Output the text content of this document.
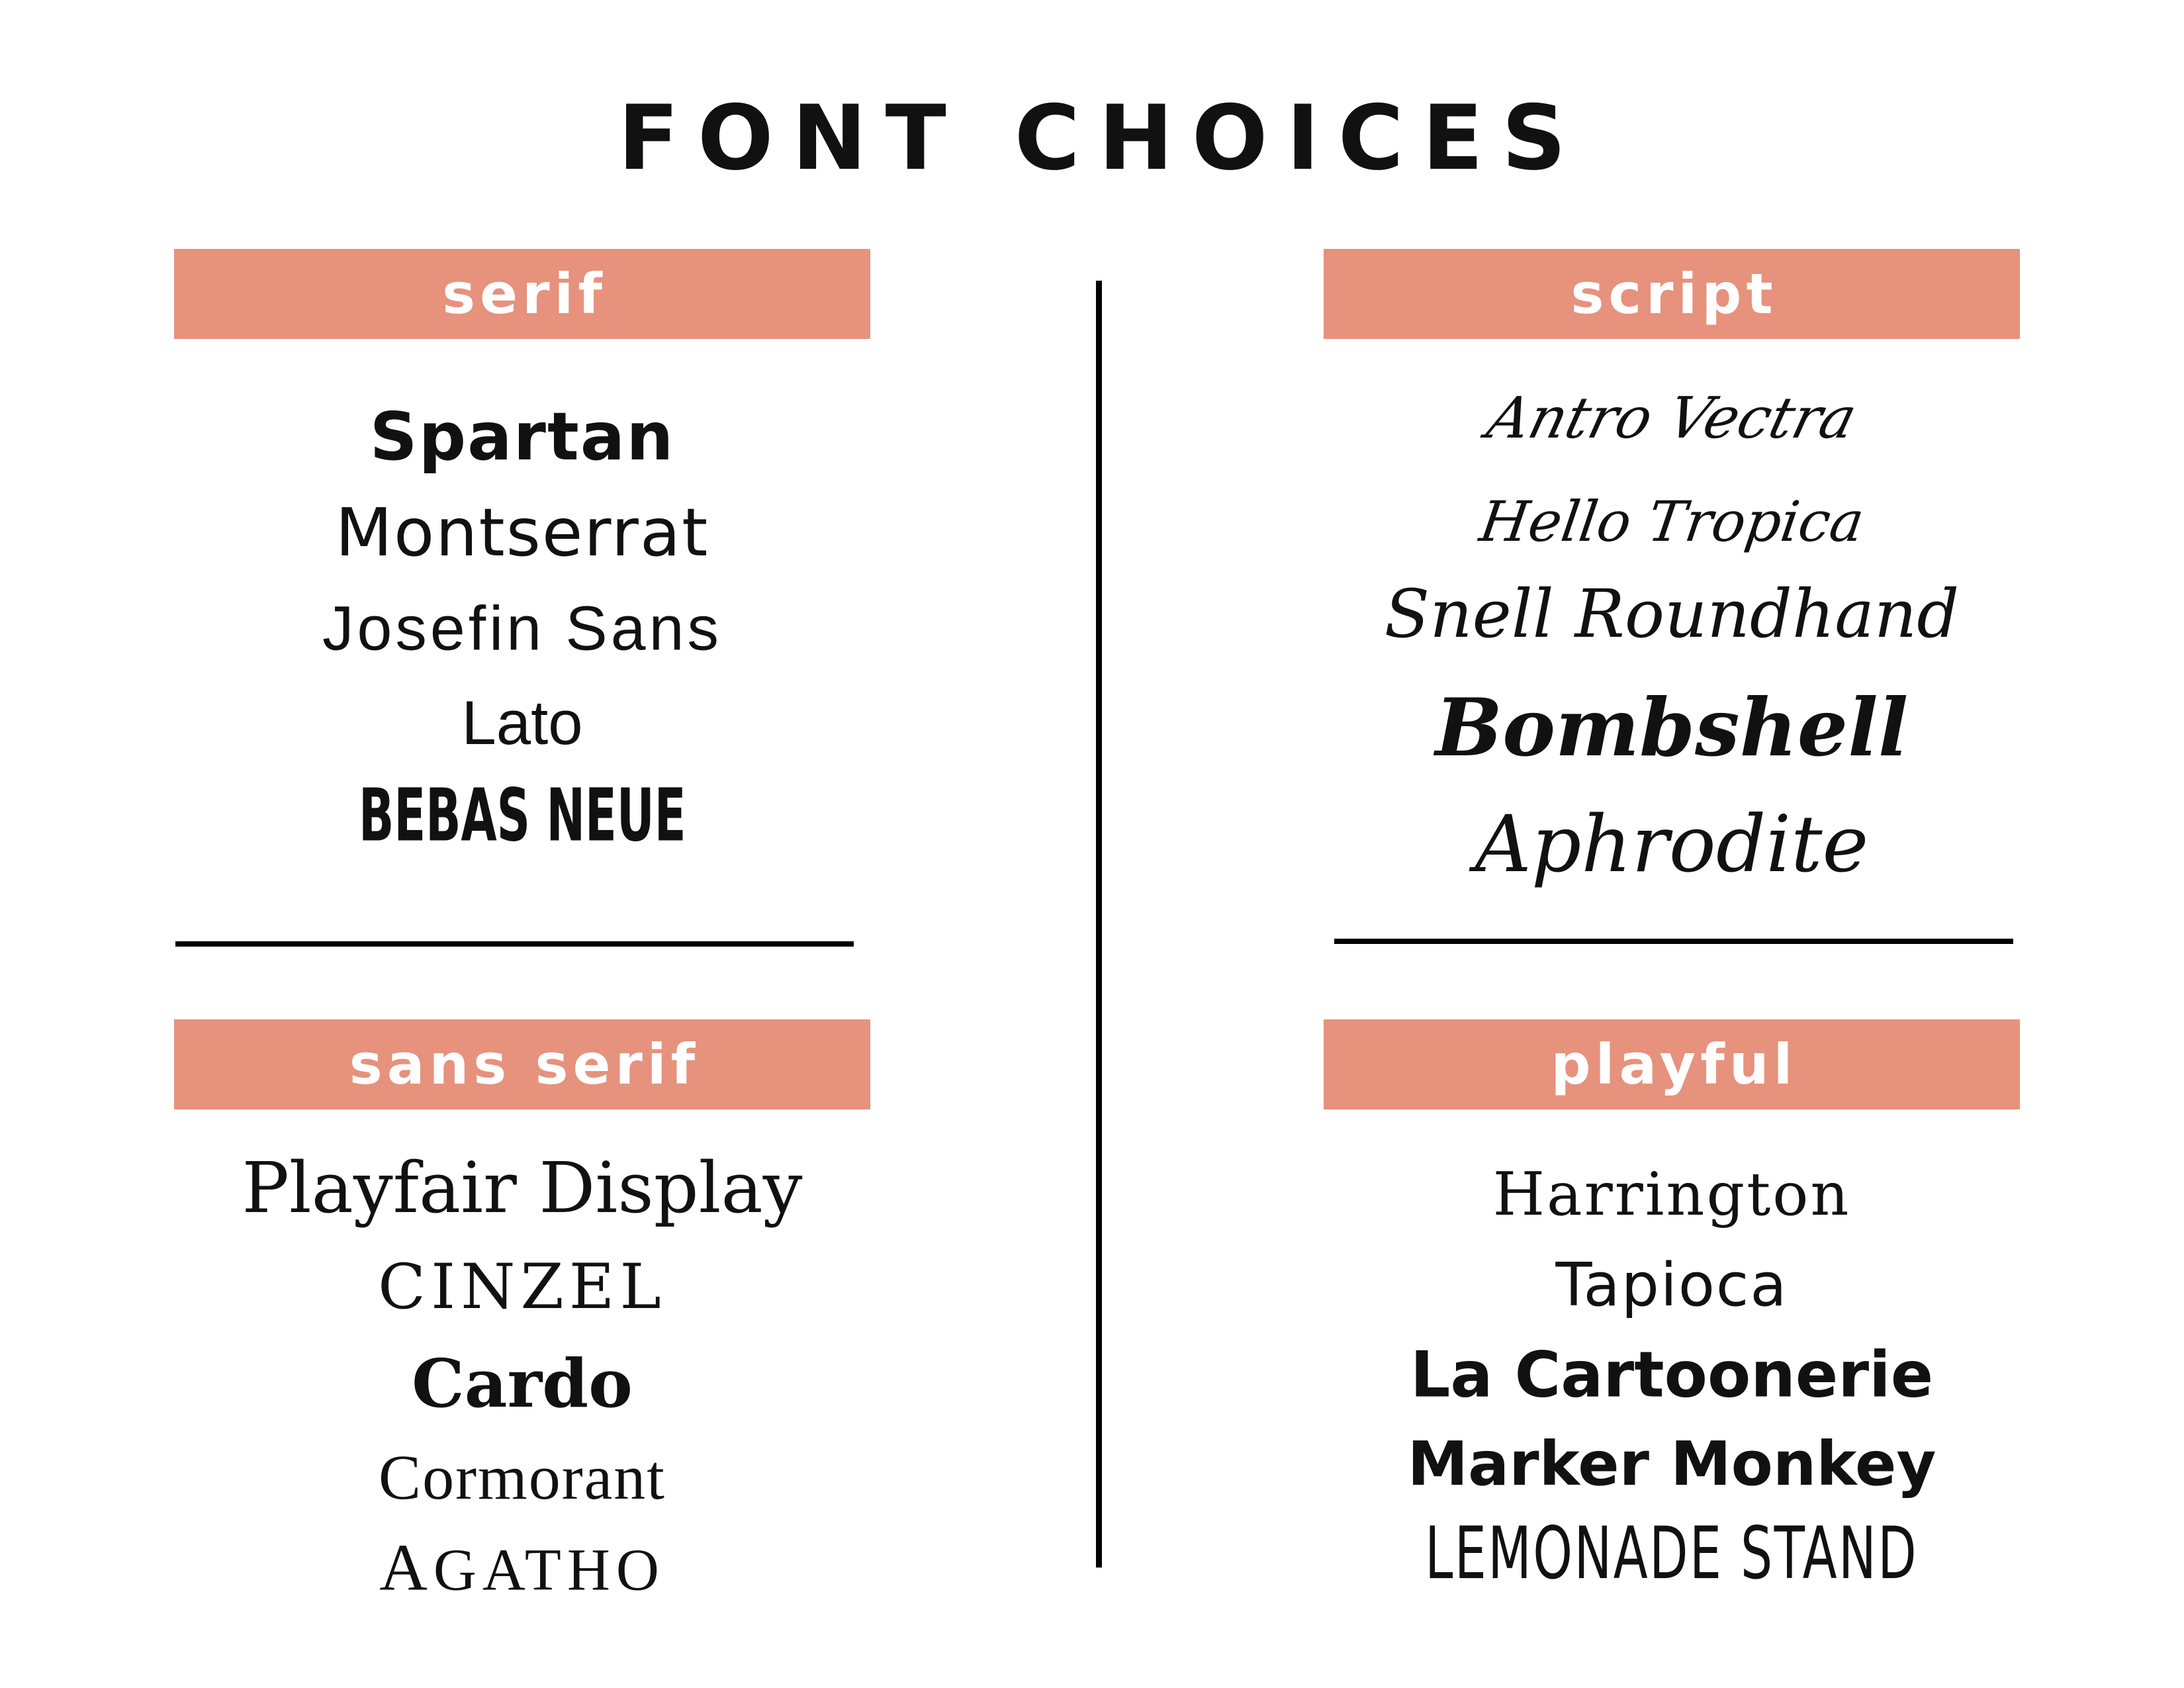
FONT CHOICES
serif
Spartan
Montserrat
Josefin Sans
Lato
BEBAS NEUE
sans serif
Playfair Display
CINZEL
Cardo
Cormorant
AGATHO
script
Antro Vectra
Hello Tropica
Snell Roundhand
Bombshell
Aphrodite
playful
Harrington
Tapioca
La Cartoonerie
Marker Monkey
LEMONADE STAND
